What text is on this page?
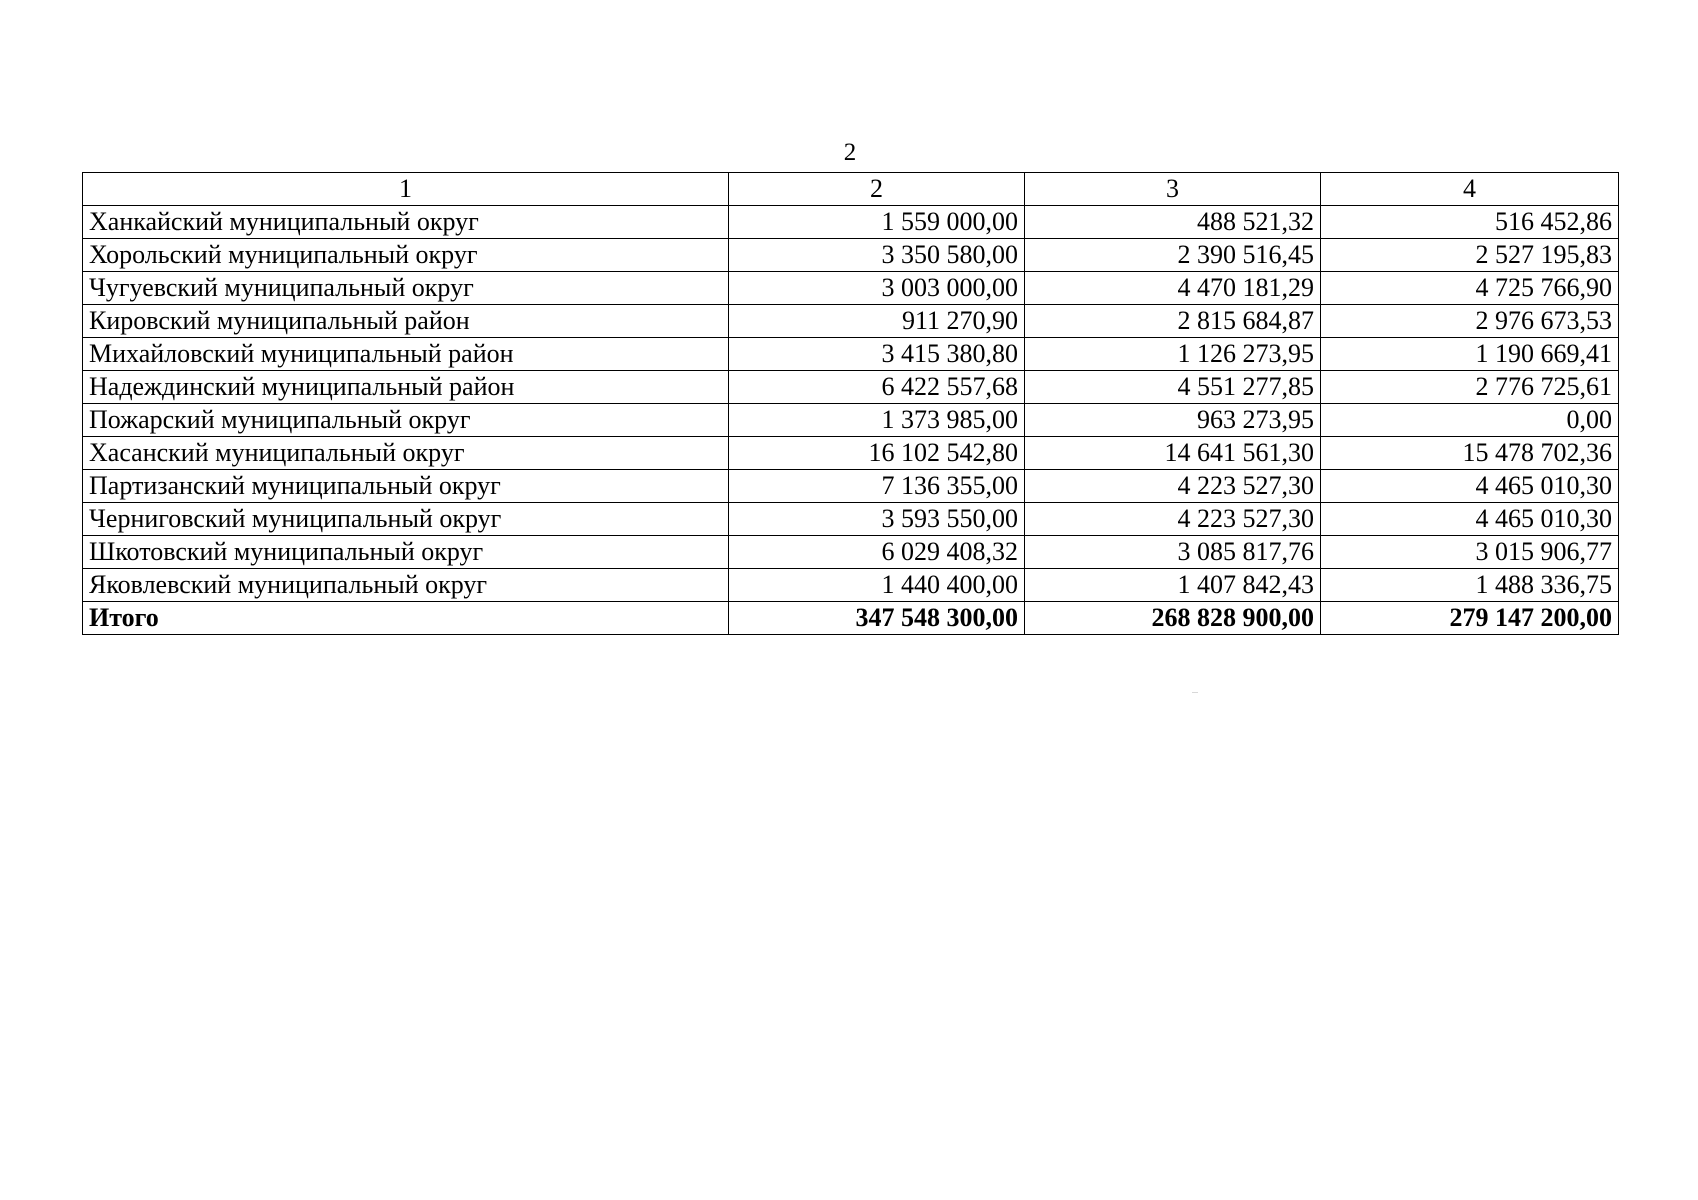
2
1	2	3	4
Ханкайский муниципальный округ	1 559 000,00	488 521,32	516 452,86
Хорольский муниципальный округ	3 350 580,00	2 390 516,45	2 527 195,83
Чугуевский муниципальный округ	3 003 000,00	4 470 181,29	4 725 766,90
Кировский муниципальный район	911 270,90	2 815 684,87	2 976 673,53
Михайловский муниципальный район	3 415 380,80	1 126 273,95	1 190 669,41
Надеждинский муниципальный район	6 422 557,68	4 551 277,85	2 776 725,61
Пожарский муниципальный округ	1 373 985,00	963 273,95	0,00
Хасанский муниципальный округ	16 102 542,80	14 641 561,30	15 478 702,36
Партизанский муниципальный округ	7 136 355,00	4 223 527,30	4 465 010,30
Черниговский муниципальный округ	3 593 550,00	4 223 527,30	4 465 010,30
Шкотовский муниципальный округ	6 029 408,32	3 085 817,76	3 015 906,77
Яковлевский муниципальный округ	1 440 400,00	1 407 842,43	1 488 336,75
Итого	347 548 300,00	268 828 900,00	279 147 200,00
